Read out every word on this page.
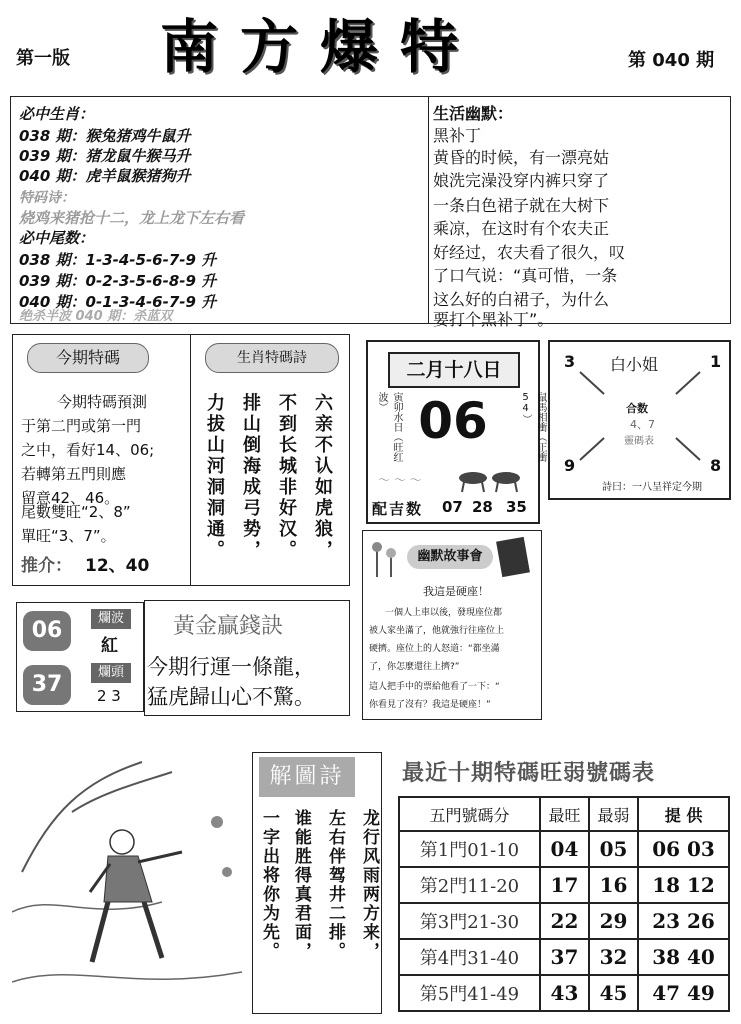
第一版 南方爆特	第 040 期
必中生肖：
038 期：猴兔猪鸡牛鼠升
039 期：猪龙鼠牛猴马升
040 期：虎羊鼠猴猪狗升
特码诗：
烧鸡来猪抢十二，龙上龙下左右看
必中尾数：
038 期：1-3-4-5-6-7-9 升
039 期：0-2-3-5-6-8-9 升
040 期：0-1-3-4-6-7-9 升
绝杀半波 040 期：杀蓝双
生活幽默：
黑补丁
黄昏的时候，有一漂亮姑
娘洗完澡没穿内裤只穿了
一条白色裙子就在大树下
乘凉，在这时有个农夫正
好经过，农夫看了很久，叹
了口气说：“真可惜，一条
这么好的白裙子，为什么
要打个黑补丁”。
今期特碼
今期特碼預測
于第二門或第一門
之中，看好14、06;
若轉第五門則應
留意42、46。
尾數雙旺“2、8”
單旺“3、7”。
推介： 12、40
生肖特碼詩
六亲不认如虎狼，
不到长城非好汉。
排山倒海成弓势，
力拔山河洞洞通。
二月十八日
寅卯水日（旺红波）	鼠馬相衝（正衝54）
06
～ ～ ～
配吉数 07 28 35
白小姐
3	1
9	8
合数
4、7
靈碼表
詩曰：一八呈祥定今期
幽默故事會
我這是硬座！
一個人上車以後，發現座位都
被人家坐滿了，他就強行往座位上
硬擠。座位上的人怒道：“都坐滿
了，你怎麼還往上擠?”
這人把手中的票給他看了一下：“
你看見了沒有？我這是硬座！”
06	爛波
紅
37	爛頭
2 3
黃金贏錢訣
今期行運一條龍，
猛虎歸山心不驚。
解圖詩
龙行风雨两方来，
左右伴驾井二排。
谁能胜得真君面，
一字出将你为先。
最近十期特碼旺弱號碼表
五門號碼分	最旺	最弱	提 供
第1門01-10	04	05	06 03
第2門11-20	17	16	18 12
第3門21-30	22	29	23 26
第4門31-40	37	32	38 40
第5門41-49	43	45	47 49
